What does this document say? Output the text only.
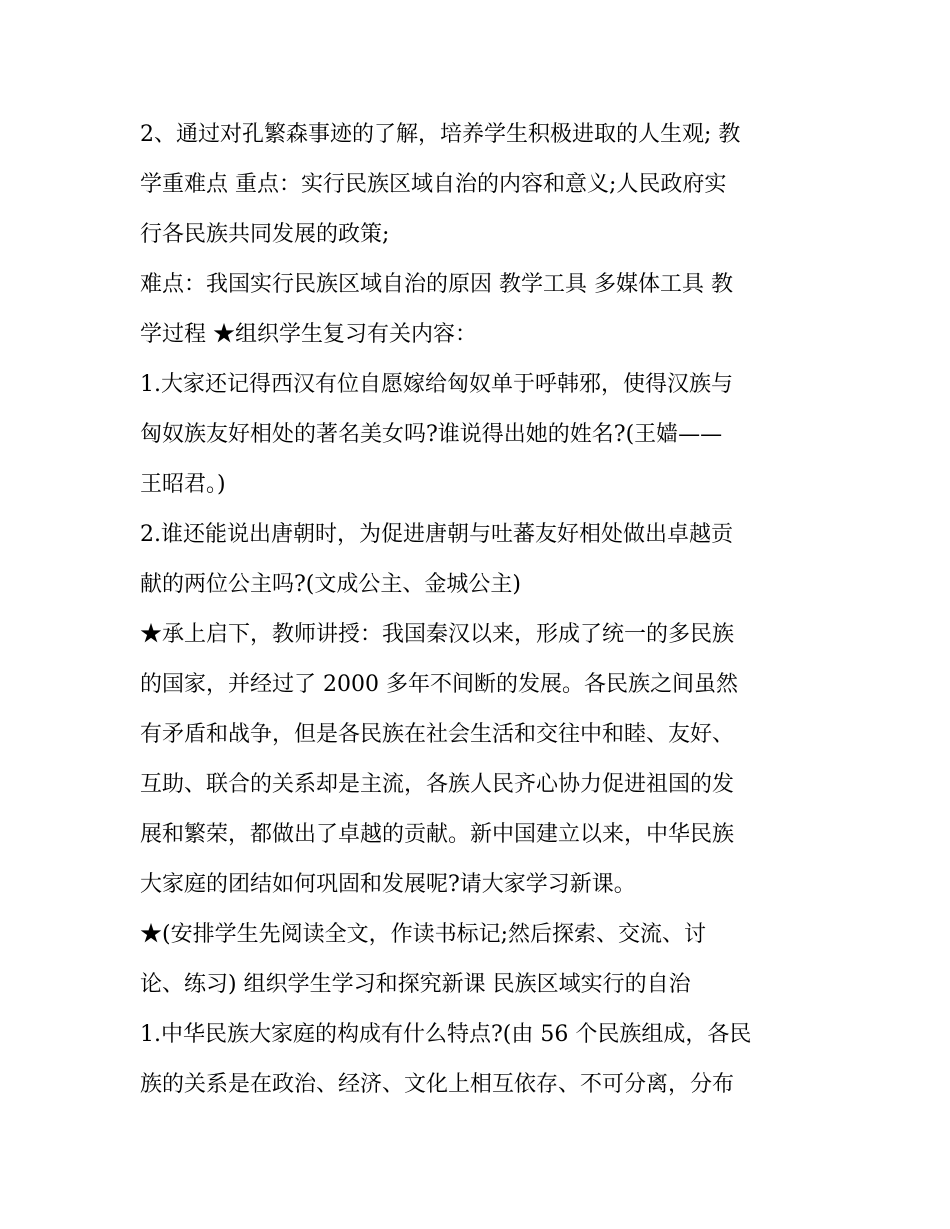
2、通过对孔繁森事迹的了解，培养学生积极进取的人生观; 教
学重难点 重点：实行民族区域自治的内容和意义;人民政府实
行各民族共同发展的政策;
难点：我国实行民族区域自治的原因 教学工具 多媒体工具 教
学过程 ★组织学生复习有关内容：
1.大家还记得西汉有位自愿嫁给匈奴单于呼韩邪，使得汉族与
匈奴族友好相处的著名美女吗?谁说得出她的姓名?(王嫱——
王昭君。)
2.谁还能说出唐朝时，为促进唐朝与吐蕃友好相处做出卓越贡
献的两位公主吗?(文成公主、金城公主)
★承上启下，教师讲授：我国秦汉以来，形成了统一的多民族
的国家，并经过了 2000 多年不间断的发展。各民族之间虽然
有矛盾和战争，但是各民族在社会生活和交往中和睦、友好、
互助、联合的关系却是主流，各族人民齐心协力促进祖国的发
展和繁荣，都做出了卓越的贡献。新中国建立以来，中华民族
大家庭的团结如何巩固和发展呢?请大家学习新课。
★(安排学生先阅读全文，作读书标记;然后探索、交流、讨
论、练习) 组织学生学习和探究新课 民族区域实行的自治
1.中华民族大家庭的构成有什么特点?(由 56 个民族组成，各民
族的关系是在政治、经济、文化上相互依存、不可分离，分布
